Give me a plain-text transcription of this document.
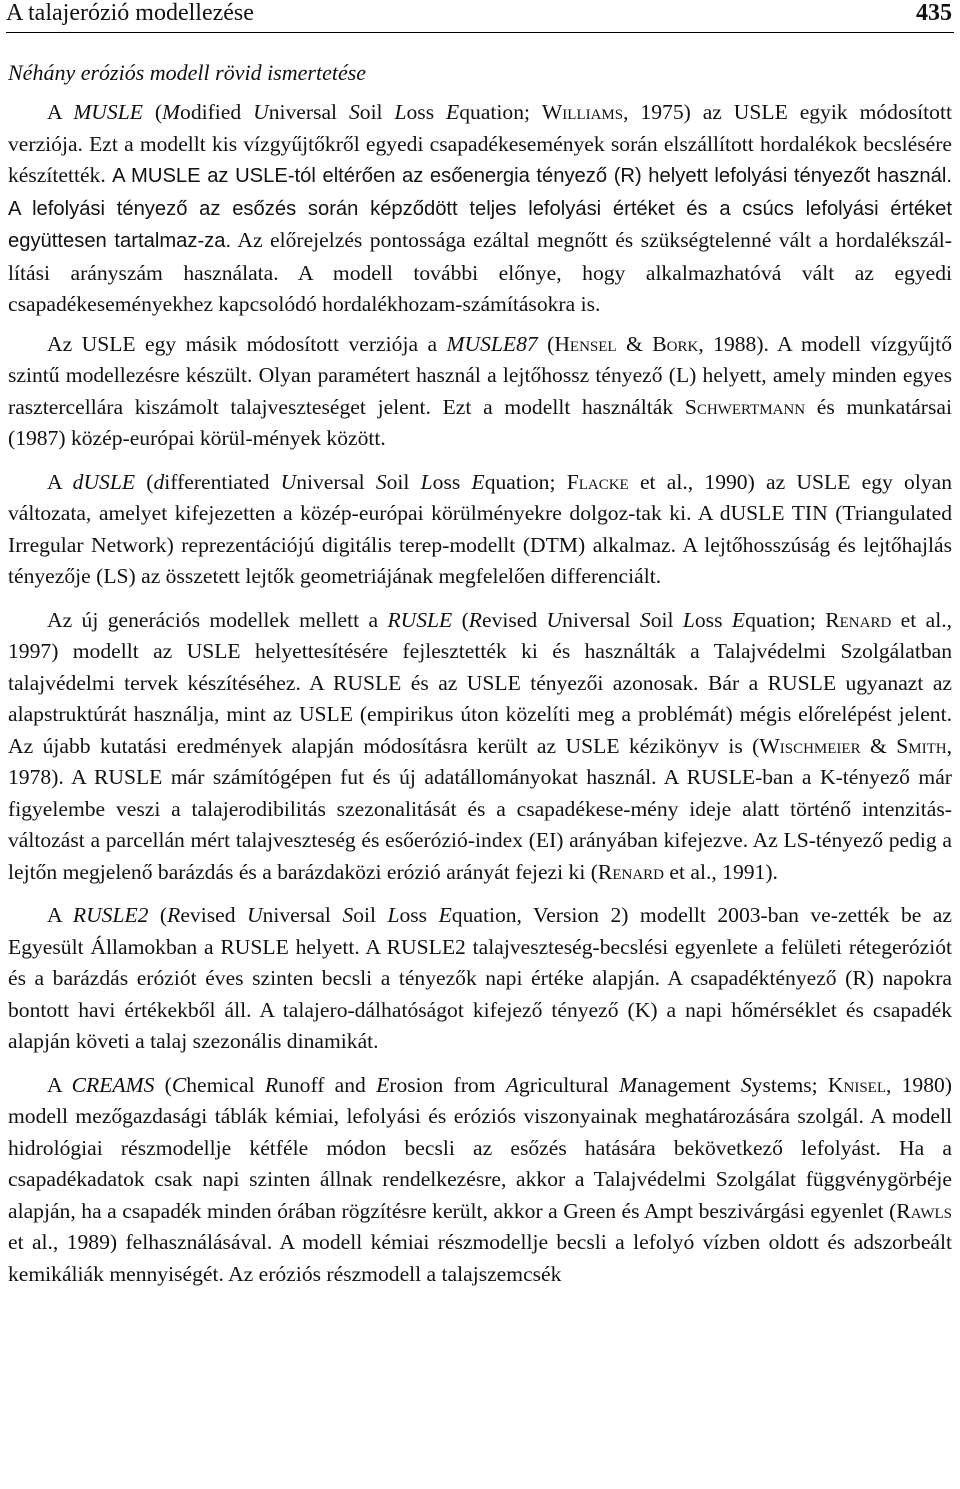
A talajerózió modellezése	435
Néhány eróziós modell rövid ismertetése

A MUSLE (Modified Universal Soil Loss Equation; Williams, 1975) az USLE egyik módosított verziója. Ezt a modellt kis vízgyűjtőkről egyedi csapadékesemények során elszállított hordalékok becslésére készítették. A MUSLE az USLE-tól eltérően az esőenergia tényező (R) helyett lefolyási tényezőt használ. A lefolyási tényező az esőzés során képződött teljes lefolyási értéket és a csúcs lefolyási értéket együttesen tartalmaz-za. Az előrejelzés pontossága ezáltal megnőtt és szükségtelenné vált a hordalékszál-lítási arányszám használata. A modell további előnye, hogy alkalmazhatóvá vált az egyedi csapadékeseményekhez kapcsolódó hordalékhozam-számításokra is.

Az USLE egy másik módosított verziója a MUSLE87 (Hensel & Bork, 1988). A modell vízgyűjtő szintű modellezésre készült. Olyan paramétert használ a lejtőhossz tényező (L) helyett, amely minden egyes rasztercellára kiszámolt talajveszteséget jelent. Ezt a modellt használták Schwertmann és munkatársai (1987) közép-európai körül-mények között.

A dUSLE (differentiated Universal Soil Loss Equation; Flacke et al., 1990) az USLE egy olyan változata, amelyet kifejezetten a közép-európai körülményekre dolgoz-tak ki. A dUSLE TIN (Triangulated Irregular Network) reprezentációjú digitális terep-modellt (DTM) alkalmaz. A lejtőhosszúság és lejtőhajlás tényezője (LS) az összetett lejtők geometriájának megfelelően differenciált.

Az új generációs modellek mellett a RUSLE (Revised Universal Soil Loss Equation; Renard et al., 1997) modellt az USLE helyettesítésére fejlesztették ki és használták a Talajvédelmi Szolgálatban talajvédelmi tervek készítéséhez. A RUSLE és az USLE tényezői azonosak. Bár a RUSLE ugyanazt az alapstruktúrát használja, mint az USLE (empirikus úton közelíti meg a problémát) mégis előrelépést jelent. Az újabb kutatási eredmények alapján módosításra került az USLE kézikönyv is (Wischmeier & Smith, 1978). A RUSLE már számítógépen fut és új adatállományokat használ. A RUSLE-ban a K-tényező már figyelembe veszi a talajerodibilitás szezonalitását és a csapadékese-mény ideje alatt történő intenzitás-változást a parcellán mért talajveszteség és esőerózió-index (EI) arányában kifejezve. Az LS-tényező pedig a lejtőn megjelenő barázdás és a barázdaközi erózió arányát fejezi ki (Renard et al., 1991).

A RUSLE2 (Revised Universal Soil Loss Equation, Version 2) modellt 2003-ban ve-zették be az Egyesült Államokban a RUSLE helyett. A RUSLE2 talajveszteség-becslési egyenlete a felületi rétegeróziót és a barázdás eróziót éves szinten becsli a tényezők napi értéke alapján. A csapadéktényező (R) napokra bontott havi értékekből áll. A talajero-dálhatóságot kifejező tényező (K) a napi hőmérséklet és csapadék alapján követi a talaj szezonális dinamikát.

A CREAMS (Chemical Runoff and Erosion from Agricultural Management Systems; Knisel, 1980) modell mezőgazdasági táblák kémiai, lefolyási és eróziós viszonyainak meghatározására szolgál. A modell hidrológiai részmodellje kétféle módon becsli az esőzés hatására bekövetkező lefolyást. Ha a csapadékadatok csak napi szinten állnak rendelkezésre, akkor a Talajvédelmi Szolgálat függvénygörbéje alapján, ha a csapadék minden órában rögzítésre került, akkor a Green és Ampt beszivárgási egyenlet (Rawls et al., 1989) felhasználásával. A modell kémiai részmodellje becsli a lefolyó vízben oldott és adszorbeált kemikáliák mennyiségét. Az eróziós részmodell a talajszemcsék
